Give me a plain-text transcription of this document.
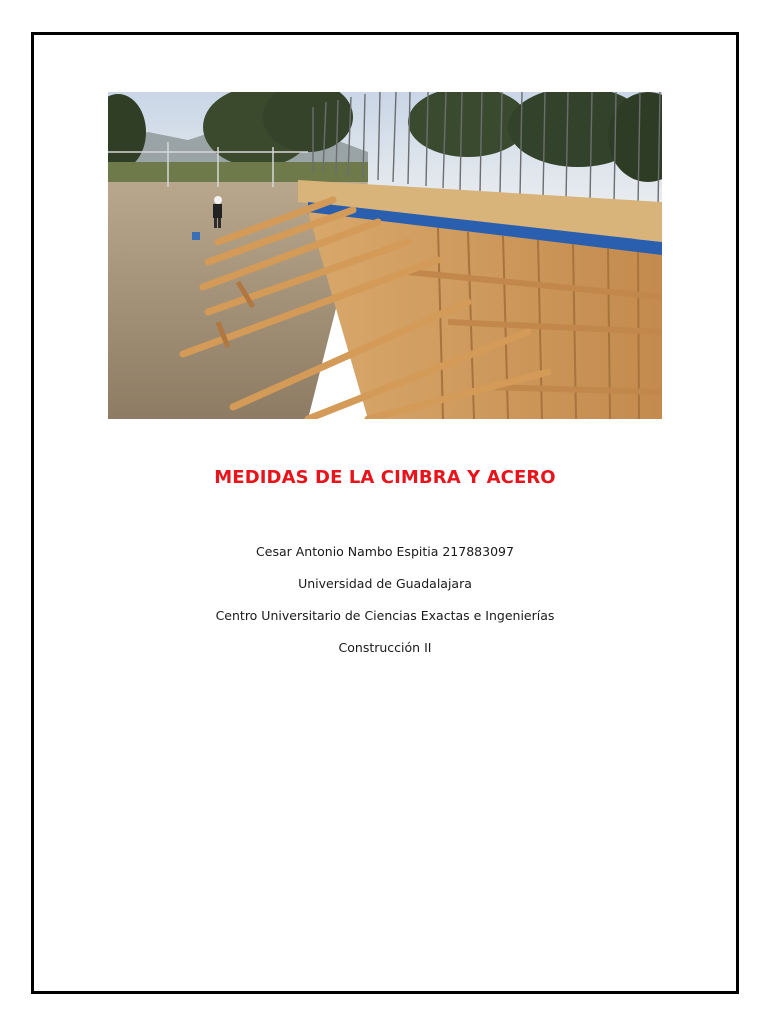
MEDIDAS DE LA CIMBRA Y ACERO
Cesar Antonio Nambo Espitia 217883097
Universidad de Guadalajara
Centro Universitario de Ciencias Exactas e Ingenierías
Construcción II
